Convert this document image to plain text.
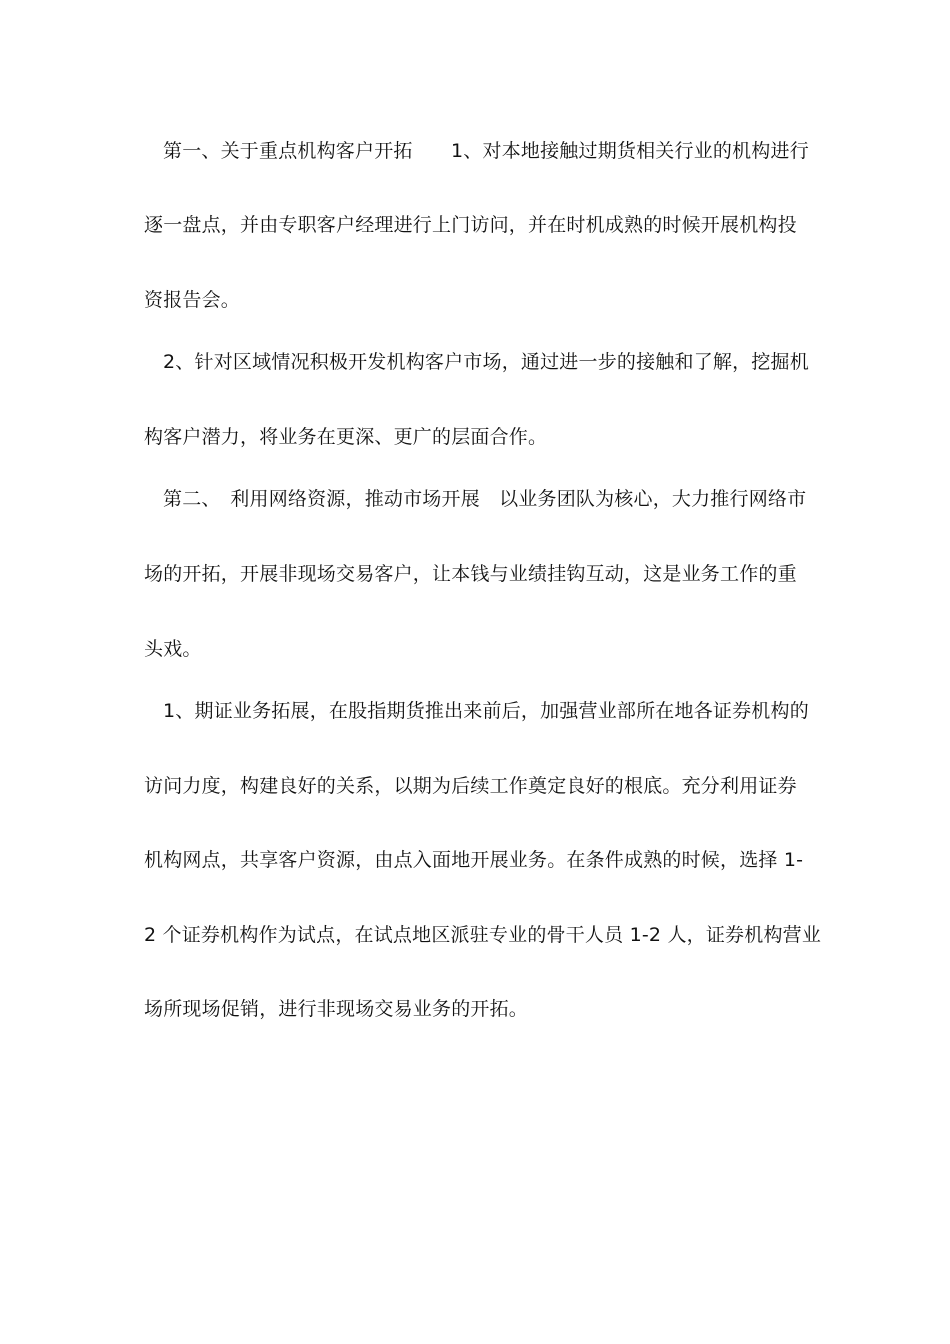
第一、关于重点机构客户开拓　　1、对本地接触过期货相关行业的机构进行
逐一盘点，并由专职客户经理进行上门访问，并在时机成熟的时候开展机构投
资报告会。
2、针对区域情况积极开发机构客户市场，通过进一步的接触和了解，挖掘机
构客户潜力，将业务在更深、更广的层面合作。
第二、　利用网络资源，推动市场开展　以业务团队为核心，大力推行网络市
场的开拓，开展非现场交易客户，让本钱与业绩挂钩互动，这是业务工作的重
头戏。
1、期证业务拓展，在股指期货推出来前后，加强营业部所在地各证券机构的
访问力度，构建良好的关系，以期为后续工作奠定良好的根底。充分利用证券
机构网点，共享客户资源，由点入面地开展业务。在条件成熟的时候，选择 1-
2 个证券机构作为试点，在试点地区派驻专业的骨干人员 1-2 人，证券机构营业
场所现场促销，进行非现场交易业务的开拓。
